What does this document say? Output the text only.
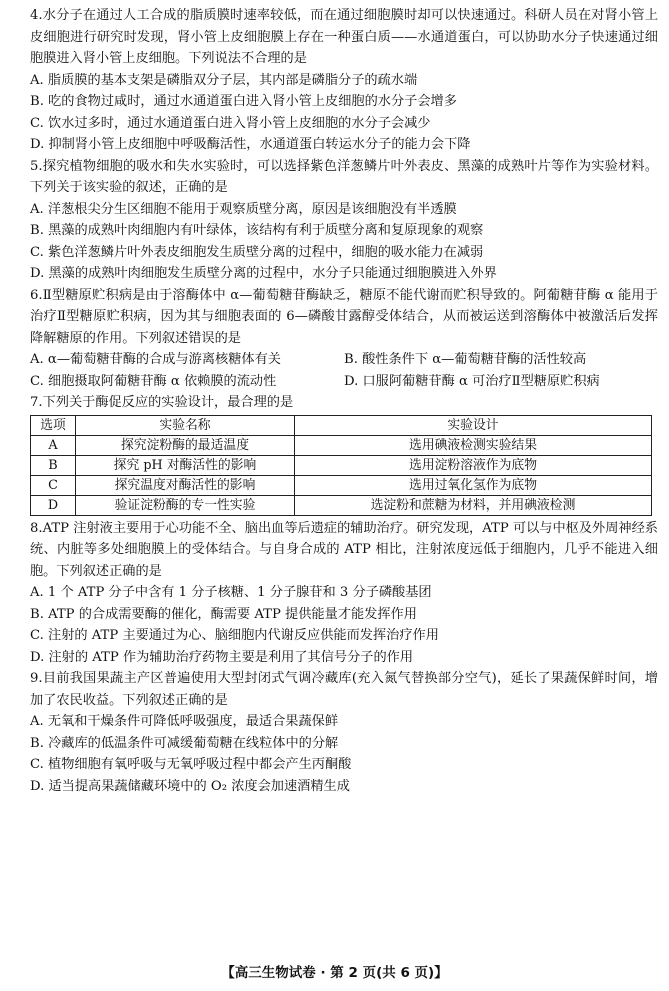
4.水分子在通过人工合成的脂质膜时速率较低，而在通过细胞膜时却可以快速通过。科研人员在对肾小管上皮细胞进行研究时发现，肾小管上皮细胞膜上存在一种蛋白质——水通道蛋白，可以协助水分子快速通过细胞膜进入肾小管上皮细胞。下列说法不合理的是
A. 脂质膜的基本支架是磷脂双分子层，其内部是磷脂分子的疏水端
B. 吃的食物过咸时，通过水通道蛋白进入肾小管上皮细胞的水分子会增多
C. 饮水过多时，通过水通道蛋白进入肾小管上皮细胞的水分子会减少
D. 抑制肾小管上皮细胞中呼吸酶活性，水通道蛋白转运水分子的能力会下降
5.探究植物细胞的吸水和失水实验时，可以选择紫色洋葱鳞片叶外表皮、黑藻的成熟叶片等作为实验材料。下列关于该实验的叙述，正确的是
A. 洋葱根尖分生区细胞不能用于观察质壁分离，原因是该细胞没有半透膜
B. 黑藻的成熟叶肉细胞内有叶绿体，该结构有利于质壁分离和复原现象的观察
C. 紫色洋葱鳞片叶外表皮细胞发生质壁分离的过程中，细胞的吸水能力在减弱
D. 黑藻的成熟叶肉细胞发生质壁分离的过程中，水分子只能通过细胞膜进入外界
6.Ⅱ型糖原贮积病是由于溶酶体中 α—葡萄糖苷酶缺乏，糖原不能代谢而贮积导致的。阿葡糖苷酶 α 能用于治疗Ⅱ型糖原贮积病，因为其与细胞表面的 6—磷酸甘露醇受体结合，从而被运送到溶酶体中被激活后发挥降解糖原的作用。下列叙述错误的是
A. α—葡萄糖苷酶的合成与游离核糖体有关	B. 酸性条件下 α—葡萄糖苷酶的活性较高
C. 细胞摄取阿葡糖苷酶 α 依赖膜的流动性	D. 口服阿葡糖苷酶 α 可治疗Ⅱ型糖原贮积病
7.下列关于酶促反应的实验设计，最合理的是
选项	实验名称	实验设计
A	探究淀粉酶的最适温度	选用碘液检测实验结果
B	探究 pH 对酶活性的影响	选用淀粉溶液作为底物
C	探究温度对酶活性的影响	选用过氧化氢作为底物
D	验证淀粉酶的专一性实验	选淀粉和蔗糖为材料，并用碘液检测
8.ATP 注射液主要用于心功能不全、脑出血等后遗症的辅助治疗。研究发现，ATP 可以与中枢及外周神经系统、内脏等多处细胞膜上的受体结合。与自身合成的 ATP 相比，注射浓度远低于细胞内，几乎不能进入细胞。下列叙述正确的是
A. 1 个 ATP 分子中含有 1 分子核糖、1 分子腺苷和 3 分子磷酸基团
B. ATP 的合成需要酶的催化，酶需要 ATP 提供能量才能发挥作用
C. 注射的 ATP 主要通过为心、脑细胞内代谢反应供能而发挥治疗作用
D. 注射的 ATP 作为辅助治疗药物主要是利用了其信号分子的作用
9.目前我国果蔬主产区普遍使用大型封闭式气调冷藏库(充入氮气替换部分空气)，延长了果蔬保鲜时间，增加了农民收益。下列叙述正确的是
A. 无氧和干燥条件可降低呼吸强度，最适合果蔬保鲜
B. 冷藏库的低温条件可减缓葡萄糖在线粒体中的分解
C. 植物细胞有氧呼吸与无氧呼吸过程中都会产生丙酮酸
D. 适当提高果蔬储藏环境中的 O₂ 浓度会加速酒精生成
【高三生物试卷 · 第 2 页(共 6 页)】
